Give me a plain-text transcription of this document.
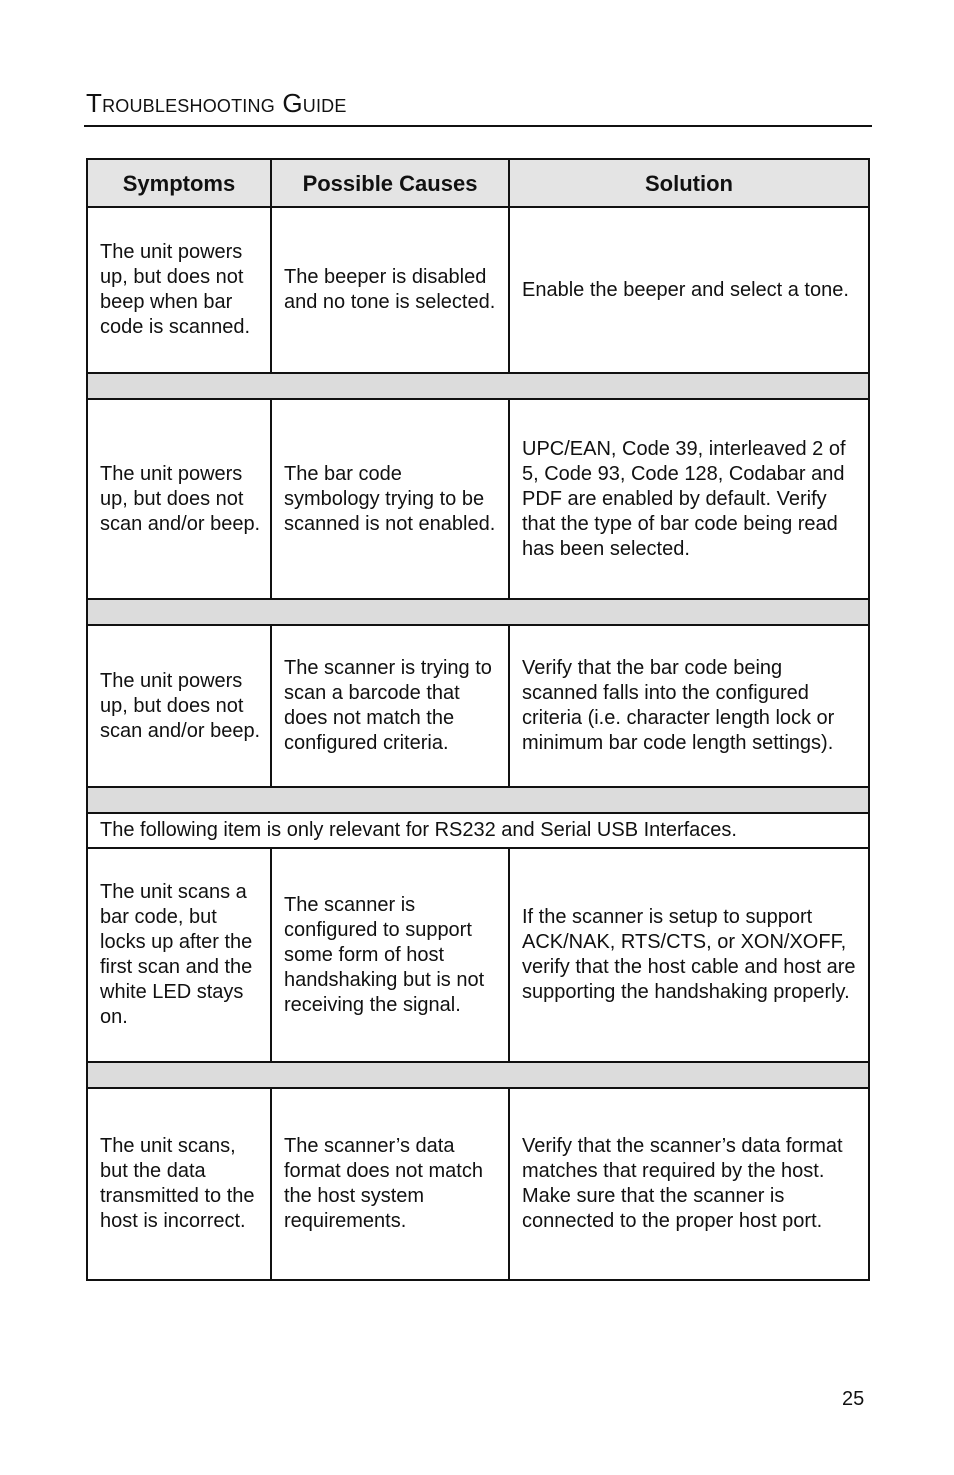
Troubleshooting Guide
Symptoms	Possible Causes	Solution
The unit powers up, but does not beep when bar code is scanned.	The beeper is disabled and no tone is selected.	Enable the beeper and select a tone.

The unit powers up, but does not scan and/or beep.	The bar code symbology trying to be scanned is not enabled.	UPC/EAN, Code 39, interleaved 2 of 5, Code 93, Code 128, Codabar and PDF are enabled by default. Verify that the type of bar code being read has been selected.

The unit powers up, but does not scan and/or beep.	The scanner is trying to scan a barcode that does not match the configured criteria.	Verify that the bar code being scanned falls into the configured criteria (i.e. character length lock or minimum bar code length settings).

The following item is only relevant for RS232 and Serial USB Interfaces.		
The unit scans a bar code, but locks up after the first scan and the white LED stays on.	The scanner is configured to support some form of host handshaking but is not receiving the signal.	If the scanner is setup to support ACK/NAK, RTS/CTS, or XON/XOFF, verify that the host cable and host are supporting the handshaking properly.

The unit scans, but the data transmitted to the host is incorrect.	The scanner’s data format does not match the host system requirements.	Verify that the scanner’s data format matches that required by the host. Make sure that the scanner is connected to the proper host port.
25
